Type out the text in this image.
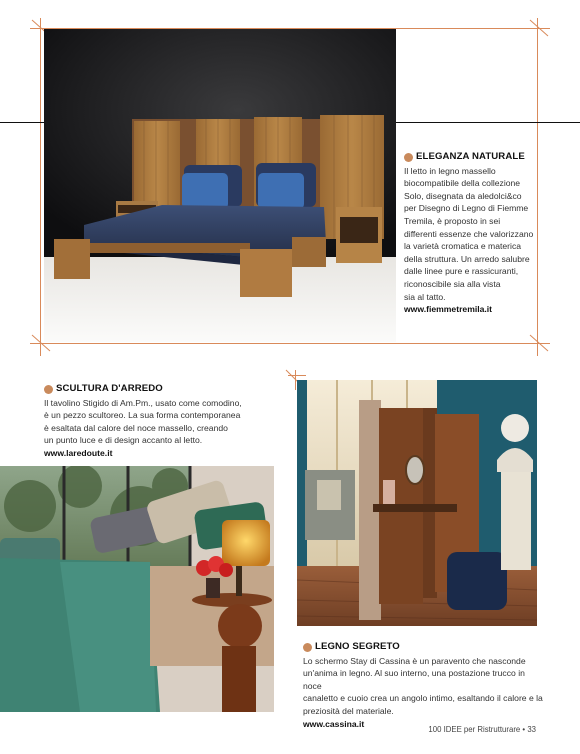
ELEGANZA NATURALE
Il letto in legno massello
biocompatibile della collezione
Solo, disegnata da aledolci&co
per Disegno di Legno di Fiemme
Tremila, è proposto in sei
differenti essenze che valorizzano
la varietà cromatica e materica
della struttura. Un arredo salubre
dalle linee pure e rassicuranti,
riconoscibile sia alla vista
sia al tatto.
www.fiemmetremila.it
SCULTURA D'ARREDO
Il tavolino Stigido di Am.Pm., usato come comodino,
è un pezzo scultoreo. La sua forma contemporanea
è esaltata dal calore del noce massello, creando
un punto luce e di design accanto al letto.
www.laredoute.it
LEGNO SEGRETO
Lo schermo Stay di Cassina è un paravento che nasconde
un'anima in legno. Al suo interno, una postazione trucco in noce
canaletto e cuoio crea un angolo intimo, esaltando il calore e la
preziosità del materiale.
www.cassina.it
100 IDEE per Ristrutturare • 33
